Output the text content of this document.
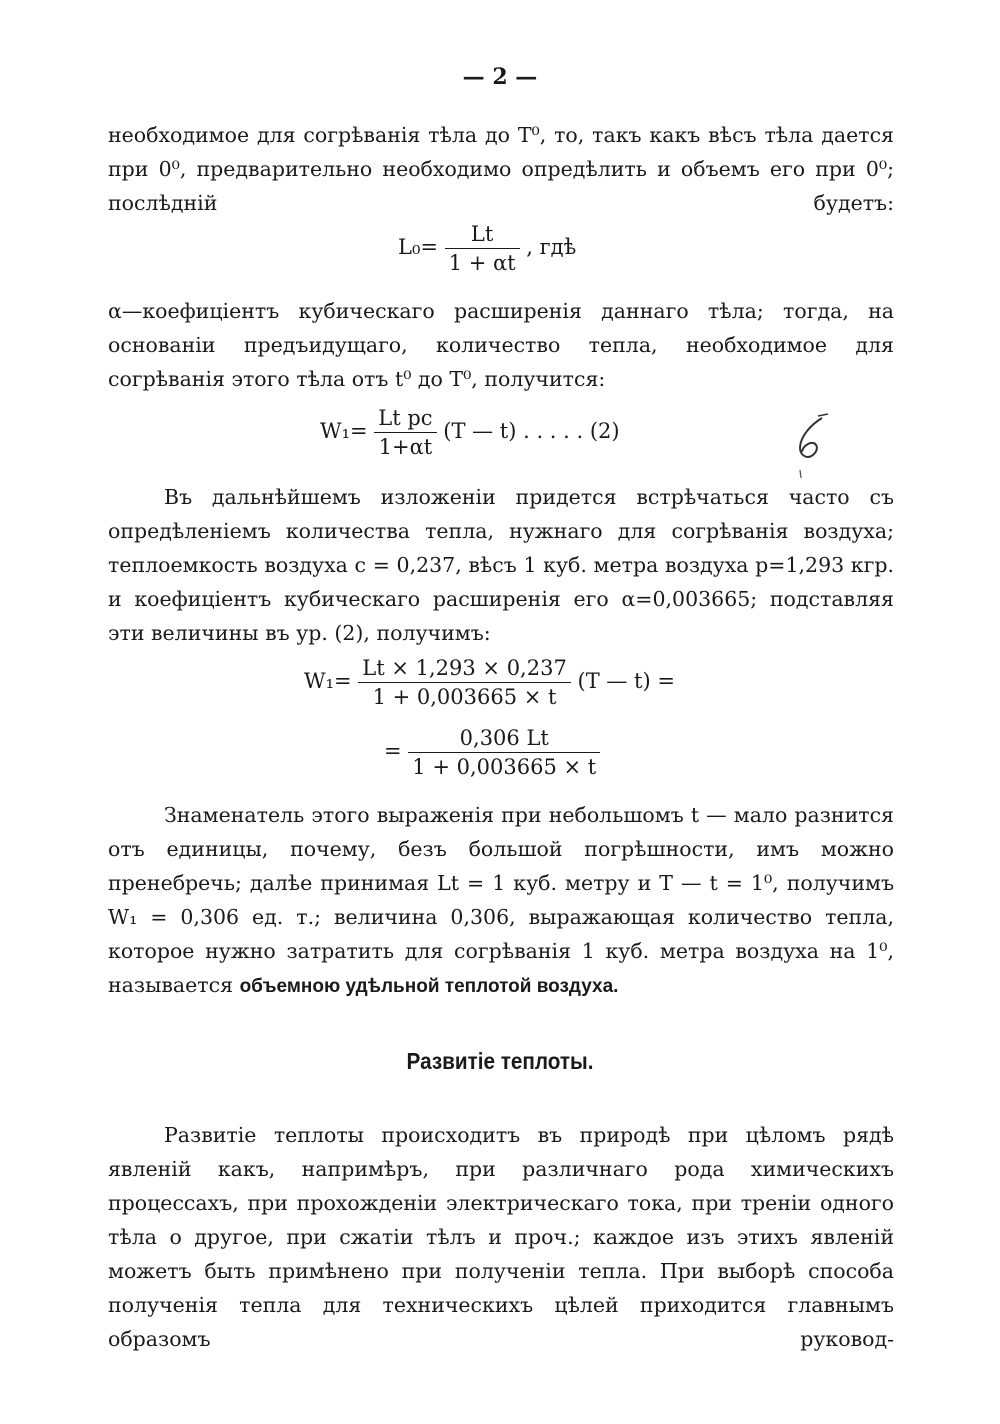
— 2 —

необходимое для согрѣванія тѣла до T⁰, то, такъ какъ вѣсъ тѣла дается при 0⁰, предварительно необходимо опредѣлить и объемъ его при 0⁰; послѣдній будетъ:

$L_0= \frac{Lt}{1 + \alpha t}$ , гдѣ

α—коефиціентъ кубическаго расширенія даннаго тѣла; тогда, на основаніи предъидущаго, количество тепла, необходимое для согрѣванія этого тѣла отъ t⁰ до T⁰, получится:

$W_1= \frac{\text{Lt pc}}{1+\alpha t} (T$ — t) . . . . . (2)

Въ дальнѣйшемъ изложеніи придется встрѣчаться часто съ опредѣленіемъ количества тепла, нужнаго для согрѣванія воздуха; теплоемкость воздуха c = 0,237, вѣсъ 1 куб. метра воздуха p=1,293 кгр. и коефиціентъ кубическаго расширенія его α=0,003665; подставляя эти величины въ ур. (2), получимъ:

$W_1= \frac{Lt \times 1,293 \times 0,237}{1 + 0,003665 \times t} (T$ — t) =
= $\frac{0,306 Lt}{1 + 0,003665 \times t}$

Знаменатель этого выраженія при небольшомъ t — мало разнится отъ единицы, почему, безъ большой погрѣшности, имъ можно пренебречь; далѣе принимая Lt = 1 куб. метру и T — t = 1⁰, получимъ W₁ = 0,306 ед. т.; величина 0,306, выражающая количество тепла, которое нужно затратить для согрѣванія 1 куб. метра воздуха на 1⁰,

называется объемною удѣльной теплотой воздуха.

Развитіе теплоты.

Развитіе теплоты происходитъ въ природѣ при цѣломъ рядѣ явленій какъ, напримѣръ, при различнаго рода химическихъ процессахъ, при прохожденіи электрическаго тока, при треніи одного тѣла о другое, при сжатіи тѣлъ и проч.; каждое изъ этихъ явленій можетъ быть примѣнено при полученіи тепла. При выборѣ способа полученія тепла для техническихъ цѣлей приходится главнымъ образомъ руковод-
